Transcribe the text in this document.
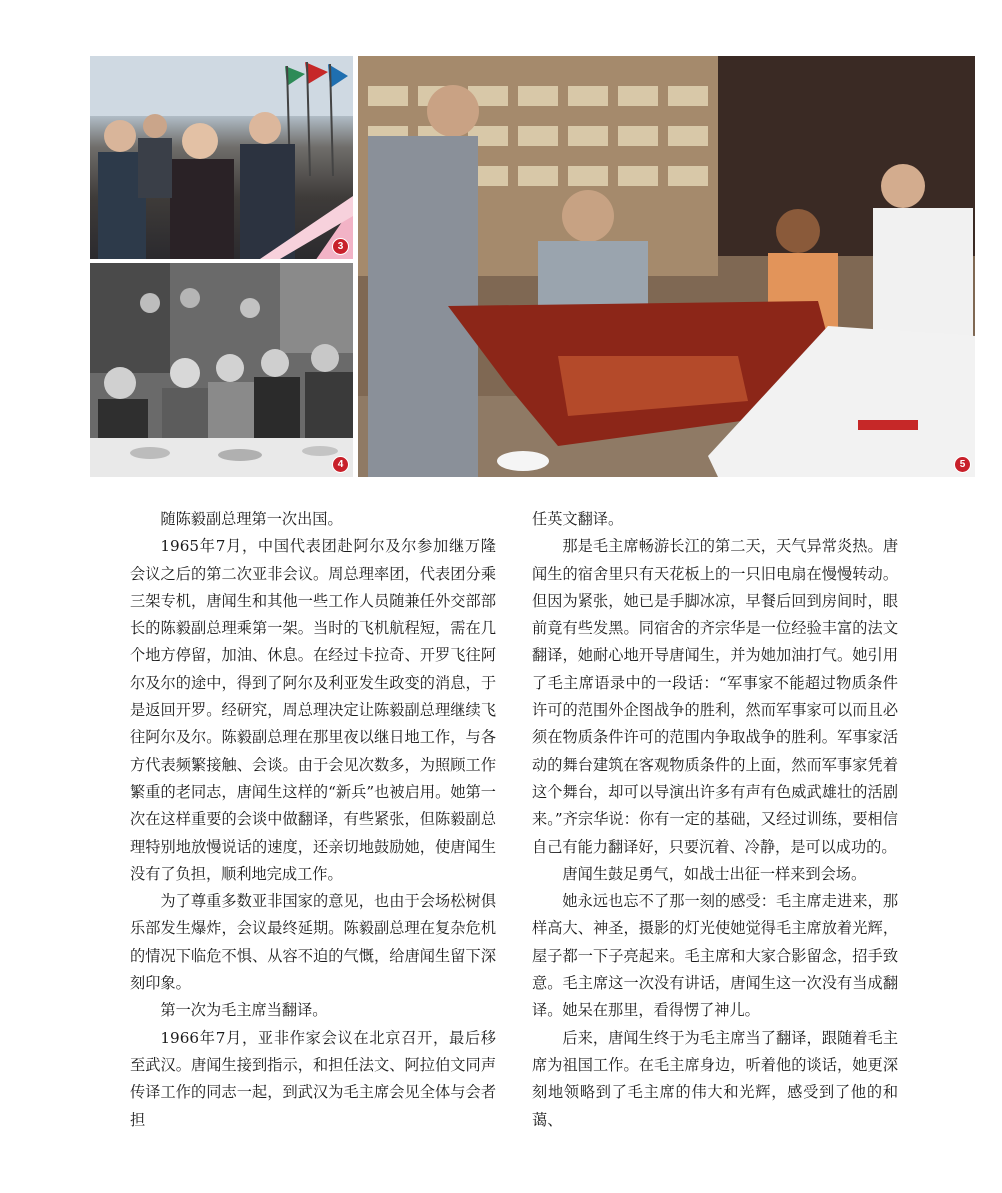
3
4	5

随陈毅副总理第一次出国。

1965年7月，中国代表团赴阿尔及尔参加继万隆会议之后的第二次亚非会议。周总理率团，代表团分乘三架专机，唐闻生和其他一些工作人员随兼任外交部部长的陈毅副总理乘第一架。当时的飞机航程短，需在几个地方停留，加油、休息。在经过卡拉奇、开罗飞往阿尔及尔的途中，得到了阿尔及利亚发生政变的消息，于是返回开罗。经研究，周总理决定让陈毅副总理继续飞往阿尔及尔。陈毅副总理在那里夜以继日地工作，与各方代表频繁接触、会谈。由于会见次数多，为照顾工作繁重的老同志，唐闻生这样的“新兵”也被启用。她第一次在这样重要的会谈中做翻译，有些紧张，但陈毅副总理特别地放慢说话的速度，还亲切地鼓励她，使唐闻生没有了负担，顺利地完成工作。

为了尊重多数亚非国家的意见，也由于会场松树俱乐部发生爆炸，会议最终延期。陈毅副总理在复杂危机的情况下临危不惧、从容不迫的气慨，给唐闻生留下深刻印象。

第一次为毛主席当翻译。

1966年7月，亚非作家会议在北京召开，最后移至武汉。唐闻生接到指示，和担任法文、阿拉伯文同声传译工作的同志一起，到武汉为毛主席会见全体与会者担

任英文翻译。

那是毛主席畅游长江的第二天，天气异常炎热。唐闻生的宿舍里只有天花板上的一只旧电扇在慢慢转动。但因为紧张，她已是手脚冰凉，早餐后回到房间时，眼前竟有些发黑。同宿舍的齐宗华是一位经验丰富的法文翻译，她耐心地开导唐闻生，并为她加油打气。她引用了毛主席语录中的一段话：“军事家不能超过物质条件许可的范围外企图战争的胜利，然而军事家可以而且必须在物质条件许可的范围内争取战争的胜利。军事家活动的舞台建筑在客观物质条件的上面，然而军事家凭着这个舞台，却可以导演出许多有声有色威武雄壮的活剧来。”齐宗华说：你有一定的基础，又经过训练，要相信自己有能力翻译好，只要沉着、冷静，是可以成功的。

唐闻生鼓足勇气，如战士出征一样来到会场。

她永远也忘不了那一刻的感受：毛主席走进来，那样高大、神圣，摄影的灯光使她觉得毛主席放着光辉，屋子都一下子亮起来。毛主席和大家合影留念，招手致意。毛主席这一次没有讲话，唐闻生这一次没有当成翻译。她呆在那里，看得愣了神儿。

后来，唐闻生终于为毛主席当了翻译，跟随着毛主席为祖国工作。在毛主席身边，听着他的谈话，她更深刻地领略到了毛主席的伟大和光辉，感受到了他的和蔼、
